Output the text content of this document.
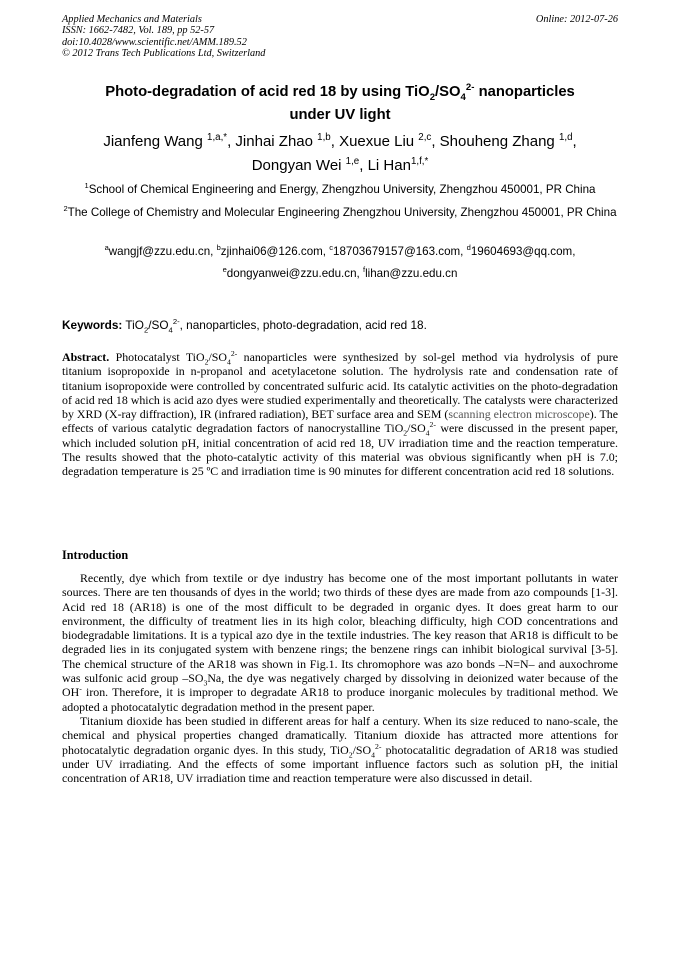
Applied Mechanics and Materials
ISSN: 1662-7482, Vol. 189, pp 52-57
doi:10.4028/www.scientific.net/AMM.189.52
© 2012 Trans Tech Publications Ltd, Switzerland
Online: 2012-07-26
Photo-degradation of acid red 18 by using $TiO_2/SO_4^{2-}$ nanoparticles
under UV light
Jianfeng Wang $^{1,a,*}$, Jinhai Zhao $^{1,b}$, Xuexue Liu $^{2,c}$, Shouheng Zhang $^{1,d}$,
Dongyan Wei $^{1,e}$, Li Han$^{1,f,*}$
$^1$School of Chemical Engineering and Energy, Zhengzhou University, Zhengzhou 450001, PR China
$^2$The College of Chemistry and Molecular Engineering Zhengzhou University, Zhengzhou 450001, PR China
$^a$wangjf@zzu.edu.cn, $^b$zjinhai06@126.com, $^c$18703679157@163.com, $^d$19604693@qq.com,
$^e$dongyanwei@zzu.edu.cn, $^f$lihan@zzu.edu.cn
Keywords: $TiO_2/SO_4^{2-}$, nanoparticles, photo-degradation, acid red 18.

Abstract. Photocatalyst $TiO_2/SO_4^{2-}$ nanoparticles were synthesized by sol-gel method via hydrolysis of pure titanium isopropoxide in n-propanol and acetylacetone solution. The hydrolysis rate and condensation rate of titanium isopropoxide were controlled by concentrated sulfuric acid. Its catalytic activities on the photo-degradation of acid red 18 which is acid azo dyes were studied experimentally and theoretically. The catalysts were characterized by XRD (X-ray diffraction), IR (infrared radiation), BET surface area and SEM (scanning electron microscope). The effects of various catalytic degradation factors of nanocrystalline $TiO_2/SO_4^{2-}$ were discussed in the present paper, which included solution pH, initial concentration of acid red 18, UV irradiation time and the reaction temperature. The results showed that the photo-catalytic activity of this material was obvious significantly when pH is 7.0; degradation temperature is 25 ºC and irradiation time is 90 minutes for different concentration acid red 18 solutions.

Introduction

Recently, dye which from textile or dye industry has become one of the most important pollutants in water sources. There are ten thousands of dyes in the world; two thirds of these dyes are made from azo compounds [1-3]. Acid red 18 (AR18) is one of the most difficult to be degraded in organic dyes. It does great harm to our environment, the difficulty of treatment lies in its high color, bleaching difficulty, high COD concentrations and biodegradable limitations. It is a typical azo dye in the textile industries. The key reason that AR18 is difficult to be degraded lies in its conjugated system with benzene rings; the benzene rings can inhibit biological survival [3-5]. The chemical structure of the AR18 was shown in Fig.1. Its chromophore was azo bonds –N=N– and auxochrome was sulfonic acid group $-SO_3Na$, the dye was negatively charged by dissolving in deionized water because of the OH- iron. Therefore, it is improper to degradate AR18 to produce inorganic molecules by traditional method. We adopted a photocatalytic degradation method in the present paper.

Titanium dioxide has been studied in different areas for half a century. When its size reduced to nano-scale, the chemical and physical properties changed dramatically. Titanium dioxide has attracted more attentions for photocatalytic degradation organic dyes. In this study, $TiO_2/SO_4^{2-}$ photocatalitic degradation of AR18 was studied under UV irradiating. And the effects of some important influence factors such as solution pH, the initial concentration of AR18, UV irradiation time and reaction temperature were also discussed in detail.
